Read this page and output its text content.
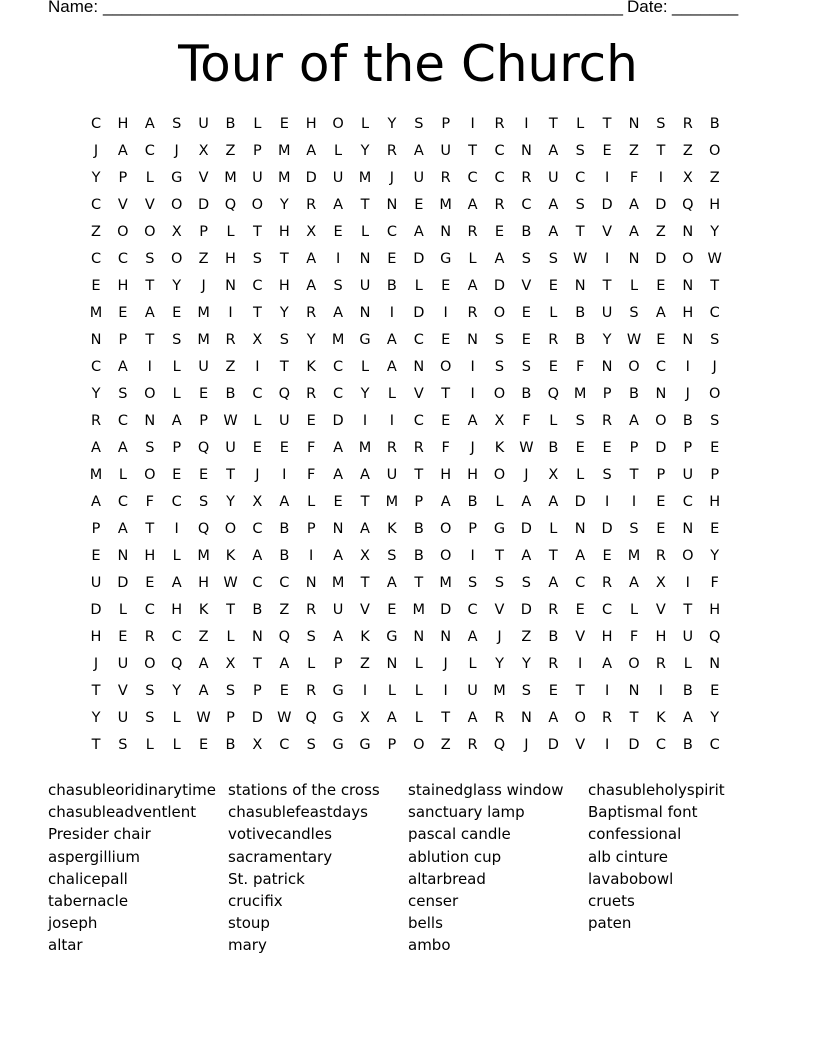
Name: _______________________________________________________ Date: _______
Tour of the Church
C	H	A	S	U	B	L	E	H	O	L	Y	S	P	I	R	I	T	L	T	N	S	R	B
J	A	C	J	X	Z	P	M	A	L	Y	R	A	U	T	C	N	A	S	E	Z	T	Z	O
Y	P	L	G	V	M	U	M	D	U	M	J	U	R	C	C	R	U	C	I	F	I	X	Z
C	V	V	O	D	Q	O	Y	R	A	T	N	E	M	A	R	C	A	S	D	A	D	Q	H
Z	O	O	X	P	L	T	H	X	E	L	C	A	N	R	E	B	A	T	V	A	Z	N	Y
C	C	S	O	Z	H	S	T	A	I	N	E	D	G	L	A	S	S	W	I	N	D	O W
E	H	T	Y	J	N	C	H	A	S	U	B	L	E	A	D	V	E	N	T	L	E	N	T
M	E	A	E	M	I	T	Y	R	A	N	I	D	I	R	O	E	L	B	U	S	A	H	C
N	P	T	S	M	R	X	S	Y	M	G	A	C	E	N	S	E	R	B	Y	W	E	N	S
C	A	I	L	U	Z	I	T	K	C	L	A	N	O	I	S	S	E	F	N	O	C	I	J
Y	S	O	L	E	B	C	Q	R	C	Y	L	V	T	I	O	B	Q	M	P	B	N	J	O
R	C	N	A	P	W	L	U	E	D	I	I	C	E	A	X	F	L	S	R	A	O	B	S
A	A	S	P	Q	U	E	E	F	A	M	R	R	F	J	K	W	B	E	E	P	D	P	E
M	L	O	E	E	T	J	I	F	A	A	U	T	H	H	O	J	X	L	S	T	P	U	P
A	C	F	C	S	Y	X	A	L	E	T	M	P	A	B	L	A	A	D	I	I	E	C	H
P	A	T	I	Q	O	C	B	P	N	A	K	B	O	P	G	D	L	N	D	S	E	N	E
E	N	H	L	M	K	A	B	I	A	X	S	B	O	I	T	A	T	A	E	M	R	O	Y
U	D	E	A	H W	C	C	N	M	T	A	T	M	S	S	S	A	C	R	A	X	I	F
D	L	C	H	K	T	B	Z	R	U	V	E	M	D	C	V	D	R	E	C	L	V	T	H
H	E	R	C	Z	L	N	Q	S	A	K	G	N	N	A	J	Z	B	V	H	F	H	U	Q
J	U	O	Q	A	X	T	A	L	P	Z	N	L	J	L	Y	Y	R	I	A	O	R	L	N
T	V	S	Y	A	S	P	E	R	G	I	L	L	I	U	M	S	E	T	I	N	I	B	E
Y	U	S	L	W	P	D W Q	G	X	A	L	T	A	R	N	A	O	R	T	K	A	Y
T	S	L	L	E	B	X	C	S	G	G	P	O	Z	R	Q	J	D	V	I	D	C	B	C
chasubleoridinarytime
chasubleadventlent
Presider chair
aspergillium
chalicepall
tabernacle
joseph
altar
stations of the cross
chasublefeastdays
votivecandles
sacramentary
St. patrick
crucifix
stoup
mary
stainedglass window
sanctuary lamp
pascal candle
ablution cup
altarbread
censer
bells
ambo
chasubleholyspirit
Baptismal font
confessional
alb cinture
lavabobowl
cruets
paten
